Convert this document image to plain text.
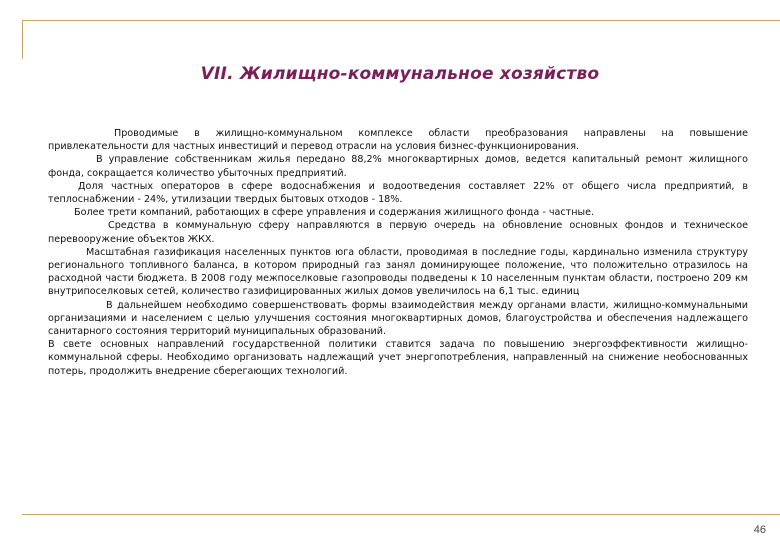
VII. Жилищно-коммунальное хозяйство

Проводимые в жилищно-коммунальном комплексе области преобразования направлены на повышение привлекательности для частных инвестиций и перевод отрасли на условия бизнес-функционирования.

В управление собственникам жилья передано 88,2% многоквартирных домов, ведется капитальный ремонт жилищного фонда, сокращается количество убыточных предприятий.

Доля частных операторов в сфере водоснабжения и водоотведения составляет 22% от общего числа предприятий, в теплоснабжении - 24%, утилизации твердых бытовых отходов - 18%.

Более трети компаний, работающих в сфере управления и содержания жилищного фонда - частные.

Средства в коммунальную сферу направляются в первую очередь на обновление основных фондов и техническое перевооружение объектов ЖКХ.

Масштабная газификация населенных пунктов юга области, проводимая в последние годы, кардинально изменила структуру регионального топливного баланса, в котором природный газ занял доминирующее положение, что положительно отразилось на расходной части бюджета. В 2008 году межпоселковые газопроводы подведены к 10 населенным пунктам области, построено 209 км внутрипоселковых сетей, количество газифицированных жилых домов увеличилось на 6,1 тыс. единиц

В дальнейшем необходимо совершенствовать формы взаимодействия между органами власти, жилищно-коммунальными организациями и населением с целью улучшения состояния многоквартирных домов, благоустройства и обеспечения надлежащего санитарного состояния территорий муниципальных образований.

В свете основных направлений государственной политики ставится задача по повышению энергоэффективности жилищно-коммунальной сферы. Необходимо организовать надлежащий учет энергопотребления, направленный на снижение необоснованных потерь, продолжить внедрение сберегающих технологий.

46
